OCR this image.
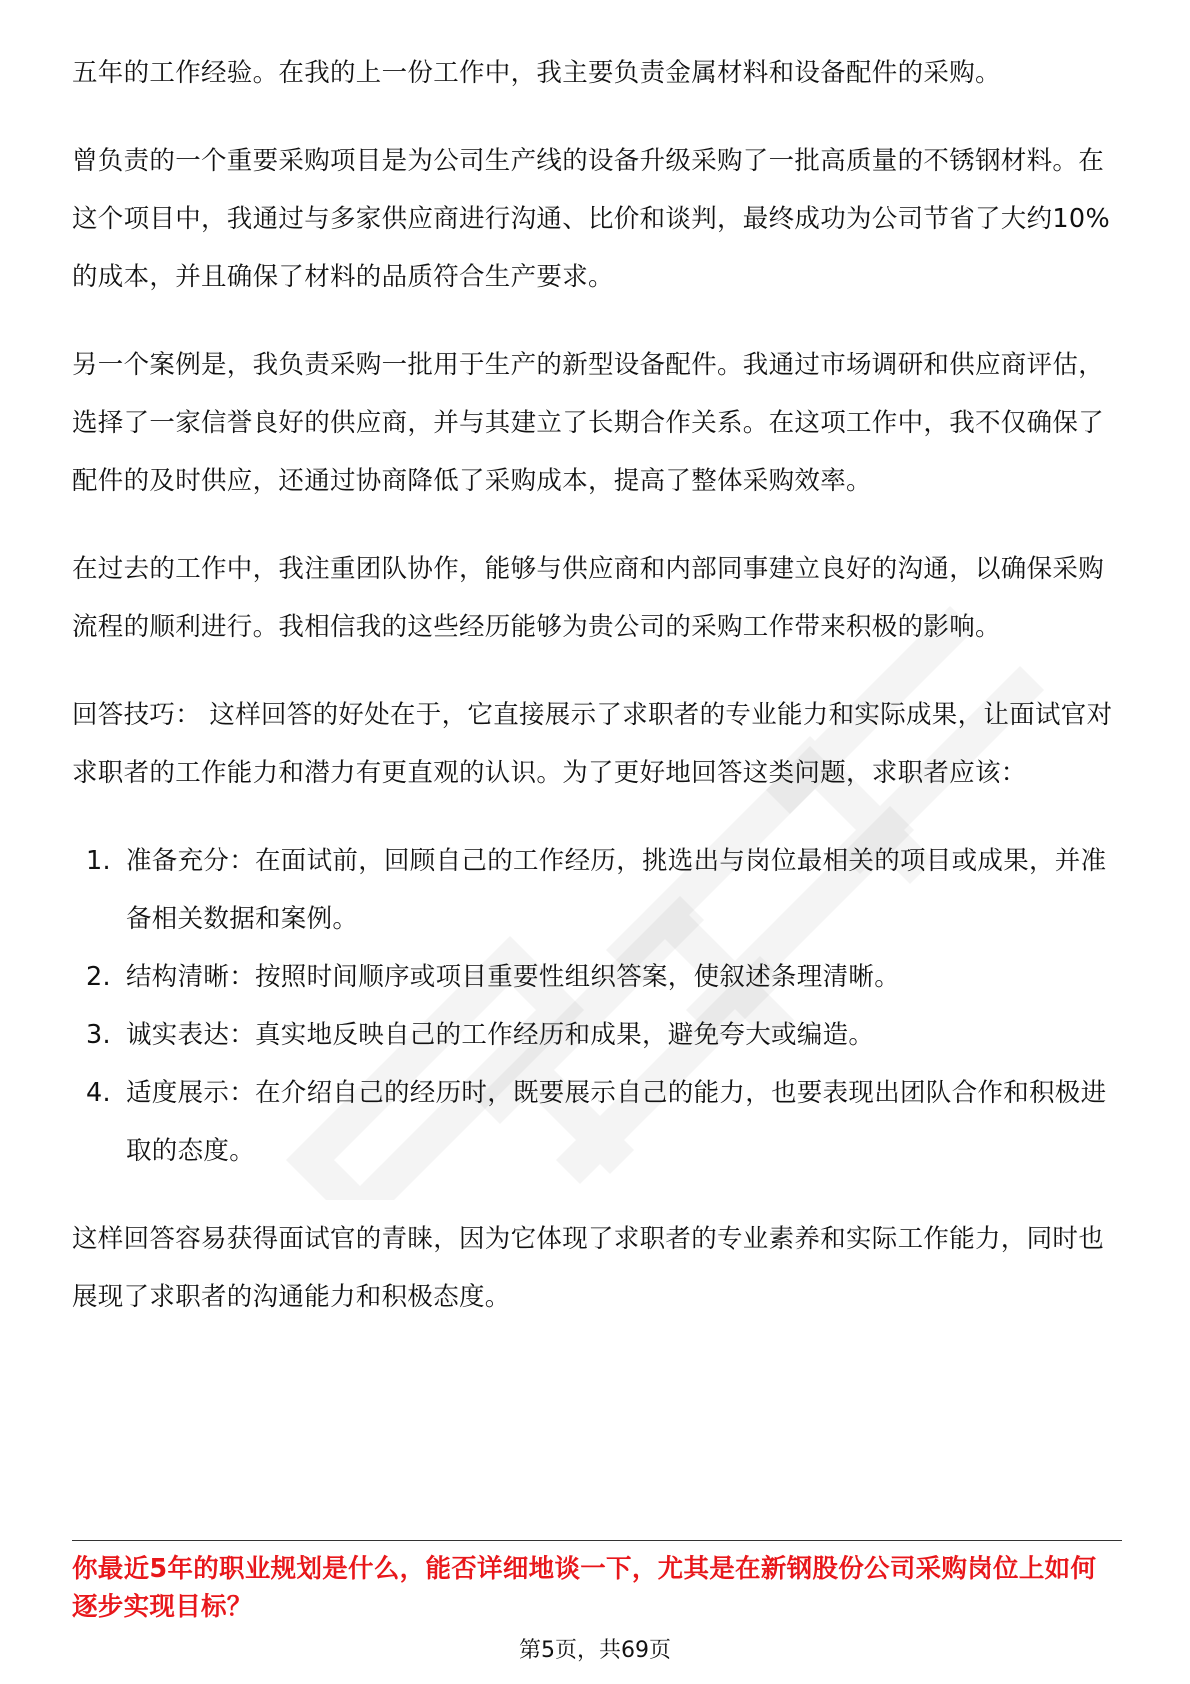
五年的工作经验。在我的上一份工作中，我主要负责金属材料和设备配件的采购。

曾负责的一个重要采购项目是为公司生产线的设备升级采购了一批高质量的不锈钢材料。在这个项目中，我通过与多家供应商进行沟通、比价和谈判，最终成功为公司节省了大约10%的成本，并且确保了材料的品质符合生产要求。

另一个案例是，我负责采购一批用于生产的新型设备配件。我通过市场调研和供应商评估，选择了一家信誉良好的供应商，并与其建立了长期合作关系。在这项工作中，我不仅确保了配件的及时供应，还通过协商降低了采购成本，提高了整体采购效率。

在过去的工作中，我注重团队协作，能够与供应商和内部同事建立良好的沟通，以确保采购流程的顺利进行。我相信我的这些经历能够为贵公司的采购工作带来积极的影响。

回答技巧： 这样回答的好处在于，它直接展示了求职者的专业能力和实际成果，让面试官对求职者的工作能力和潜力有更直观的认识。为了更好地回答这类问题，求职者应该：

1. 准备充分：在面试前，回顾自己的工作经历，挑选出与岗位最相关的项目或成果，并准备相关数据和案例。
2. 结构清晰：按照时间顺序或项目重要性组织答案，使叙述条理清晰。
3. 诚实表达：真实地反映自己的工作经历和成果，避免夸大或编造。
4. 适度展示：在介绍自己的经历时，既要展示自己的能力，也要表现出团队合作和积极进取的态度。

这样回答容易获得面试官的青睐，因为它体现了求职者的专业素养和实际工作能力，同时也展现了求职者的沟通能力和积极态度。

你最近5年的职业规划是什么，能否详细地谈一下，尤其是在新钢股份公司采购岗位上如何逐步实现目标？
第5页，共69页
